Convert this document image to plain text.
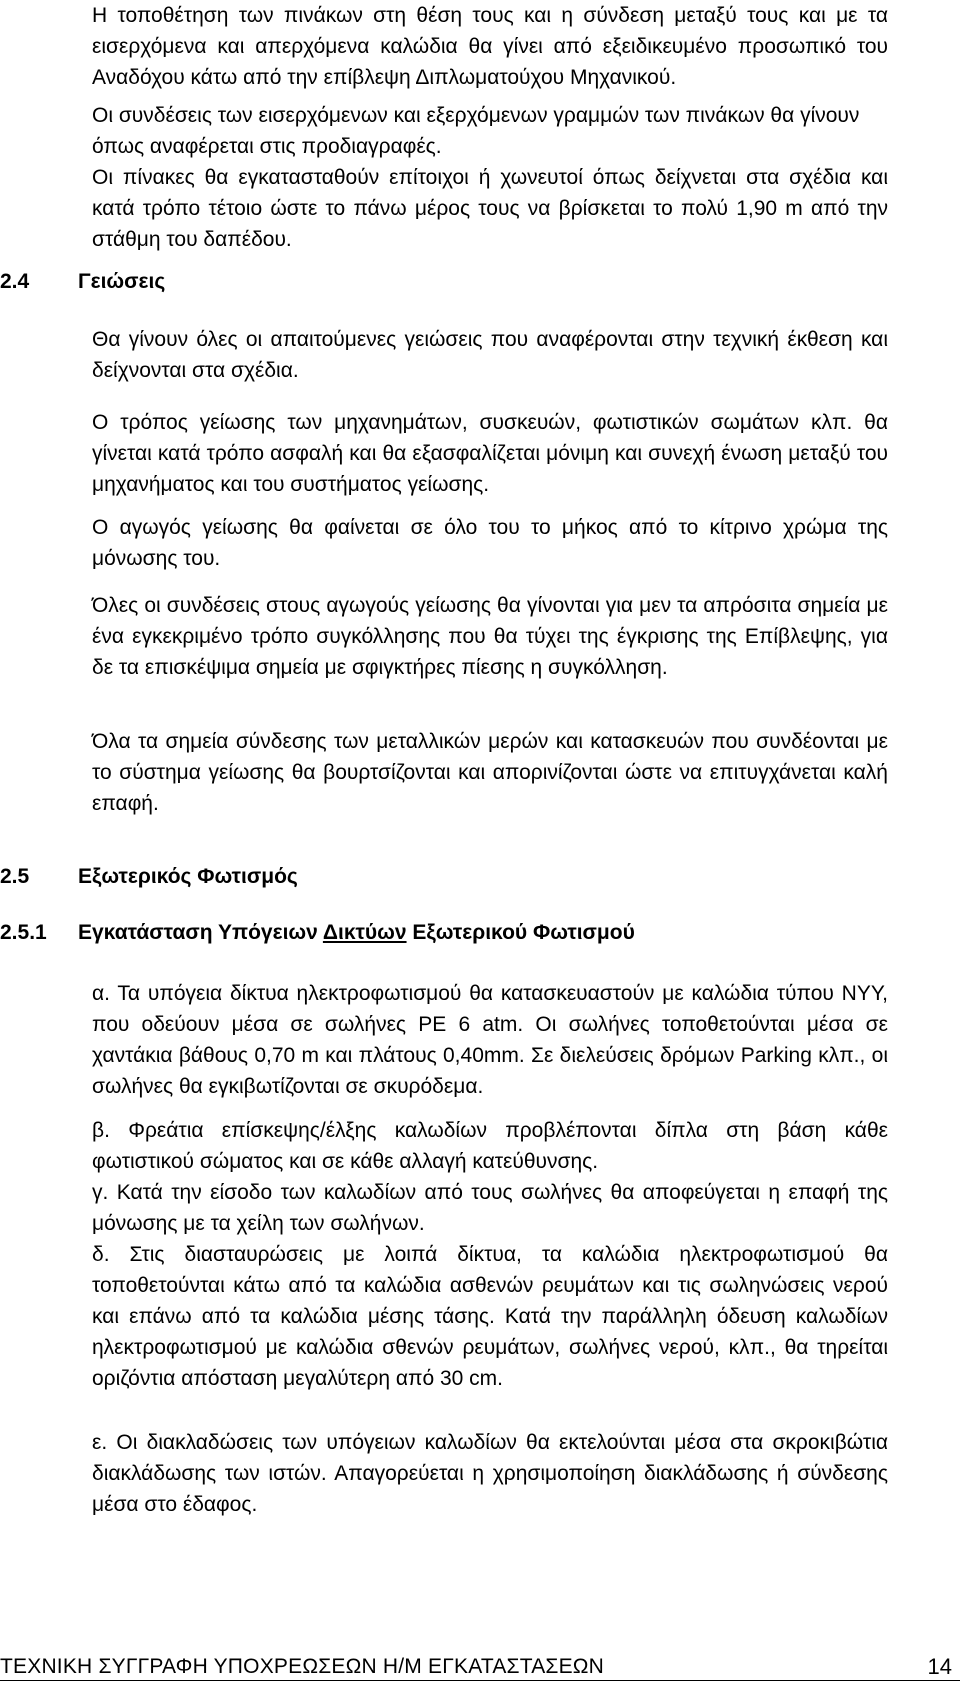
Η τοποθέτηση των πινάκων στη θέση τους και η σύνδεση μεταξύ τους και με τα εισερχόμενα και απερχόμενα καλώδια θα γίνει από εξειδικευμένο προσωπικό του Αναδόχου κάτω από την επίβλεψη Διπλωματούχου Μηχανικού.

Οι συνδέσεις των εισερχόμενων και εξερχόμενων γραμμών των πινάκων θα γίνουν όπως αναφέρεται στις προδιαγραφές.

Οι πίνακες θα εγκατασταθούν επίτοιχοι ή χωνευτοί όπως δείχνεται στα σχέδια και κατά τρόπο τέτοιο ώστε το πάνω μέρος τους να βρίσκεται το πολύ 1,90 m από την στάθμη του δαπέδου.

2.4 Γειώσεις

Θα γίνουν όλες οι απαιτούμενες γειώσεις που αναφέρονται στην τεχνική έκθεση και δείχνονται στα σχέδια.

Ο τρόπος γείωσης των μηχανημάτων, συσκευών, φωτιστικών σωμάτων κλπ. θα γίνεται κατά τρόπο ασφαλή και θα εξασφαλίζεται μόνιμη και συνεχή ένωση μεταξύ του μηχανήματος και του συστήματος γείωσης.

Ο αγωγός γείωσης θα φαίνεται σε όλο του το μήκος από το κίτρινο χρώμα της μόνωσης του.

Όλες οι συνδέσεις στους αγωγούς γείωσης θα γίνονται για μεν τα απρόσιτα σημεία με ένα εγκεκριμένο τρόπο συγκόλλησης που θα τύχει της έγκρισης της Επίβλεψης, για δε τα επισκέψιμα σημεία με σφιγκτήρες πίεσης η συγκόλληση.

Όλα τα σημεία σύνδεσης των μεταλλικών μερών και κατασκευών που συνδέονται με το σύστημα γείωσης θα βουρτσίζονται και απορινίζονται ώστε να επιτυγχάνεται καλή επαφή.

2.5 Εξωτερικός Φωτισμός
2.5.1 Εγκατάσταση Υπόγειων Δικτύων Εξωτερικού Φωτισμού

α. Τα υπόγεια δίκτυα ηλεκτροφωτισμού θα κατασκευαστούν με καλώδια τύπου NYY, που οδεύουν μέσα σε σωλήνες PE 6 atm. Οι σωλήνες τοποθετούνται μέσα σε χαντάκια βάθους 0,70 m και πλάτους 0,40mm. Σε διελεύσεις δρόμων Parking κλπ., οι σωλήνες θα εγκιβωτίζονται σε σκυρόδεμα.

β. Φρεάτια επίσκεψης/έλξης καλωδίων προβλέπονται δίπλα στη βάση κάθε φωτιστικού σώματος και σε κάθε αλλαγή κατεύθυνσης.

γ. Κατά την είσοδο των καλωδίων από τους σωλήνες θα αποφεύγεται η επαφή της μόνωσης με τα χείλη των σωλήνων.

δ. Στις διασταυρώσεις με λοιπά δίκτυα, τα καλώδια ηλεκτροφωτισμού θα τοποθετούνται κάτω από τα καλώδια ασθενών ρευμάτων και τις σωληνώσεις νερού και επάνω από τα καλώδια μέσης τάσης. Κατά την παράλληλη όδευση καλωδίων ηλεκτροφωτισμού με καλώδια σθενών ρευμάτων, σωλήνες νερού, κλπ., θα τηρείται οριζόντια απόσταση μεγαλύτερη από 30 cm.

ε. Οι διακλαδώσεις των υπόγειων καλωδίων θα εκτελούνται μέσα στα σκροκιβώτια διακλάδωσης των ιστών. Απαγορεύεται η χρησιμοποίηση διακλάδωσης ή σύνδεσης μέσα στο έδαφος.

ΤΕΧΝΙΚΗ ΣΥΓΓΡΑΦΗ ΥΠΟΧΡΕΩΣΕΩΝ Η/Μ ΕΓΚΑΤΑΣΤΑΣΕΩΝ	14
